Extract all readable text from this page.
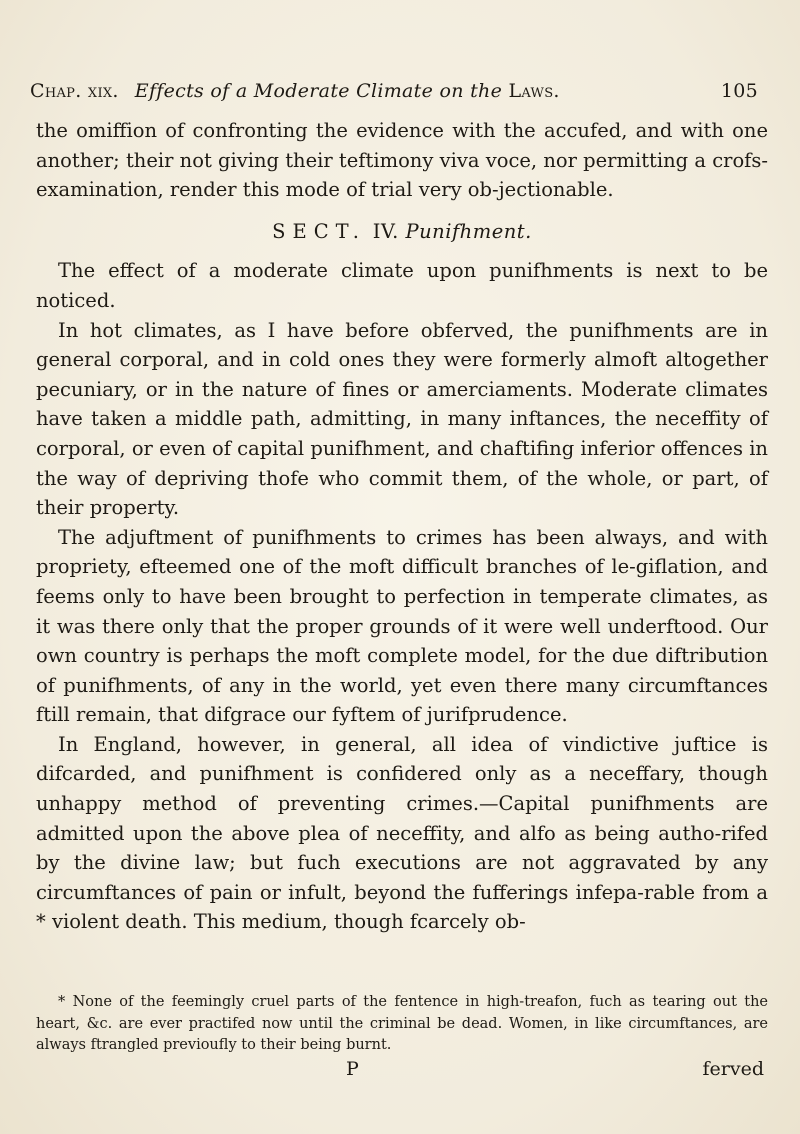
Chap. xix. Effects of a Moderate Climate on the Laws.	105

the omiffion of confronting the evidence with the accufed, and with one another; their not giving their teftimony viva voce, nor permitting a crofs-examination, render this mode of trial very ob-jectionable.

SECT. IV. Punifhment.

The effect of a moderate climate upon punifhments is next to be noticed.

In hot climates, as I have before obferved, the punifhments are in general corporal, and in cold ones they were formerly almoft altogether pecuniary, or in the nature of fines or amerciaments. Moderate climates have taken a middle path, admitting, in many inftances, the neceffity of corporal, or even of capital punifhment, and chaftifing inferior offences in the way of depriving thofe who commit them, of the whole, or part, of their property.

The adjuftment of punifhments to crimes has been always, and with propriety, efteemed one of the moft difficult branches of le-giflation, and feems only to have been brought to perfection in temperate climates, as it was there only that the proper grounds of it were well underftood. Our own country is perhaps the moft complete model, for the due diftribution of punifhments, of any in the world, yet even there many circumftances ftill remain, that difgrace our fyftem of jurifprudence.

In England, however, in general, all idea of vindictive juftice is difcarded, and punifhment is confidered only as a neceffary, though unhappy method of preventing crimes.—Capital punifhments are admitted upon the above plea of neceffity, and alfo as being autho-rifed by the divine law; but fuch executions are not aggravated by any circumftances of pain or infult, beyond the fufferings infepa-rable from a * violent death. This medium, though fcarcely ob-

* None of the feemingly cruel parts of the fentence in high-treafon, fuch as tearing out the heart, &c. are ever practifed now until the criminal be dead. Women, in like circumftances, are always ftrangled previoufly to their being burnt.

P	ferved
